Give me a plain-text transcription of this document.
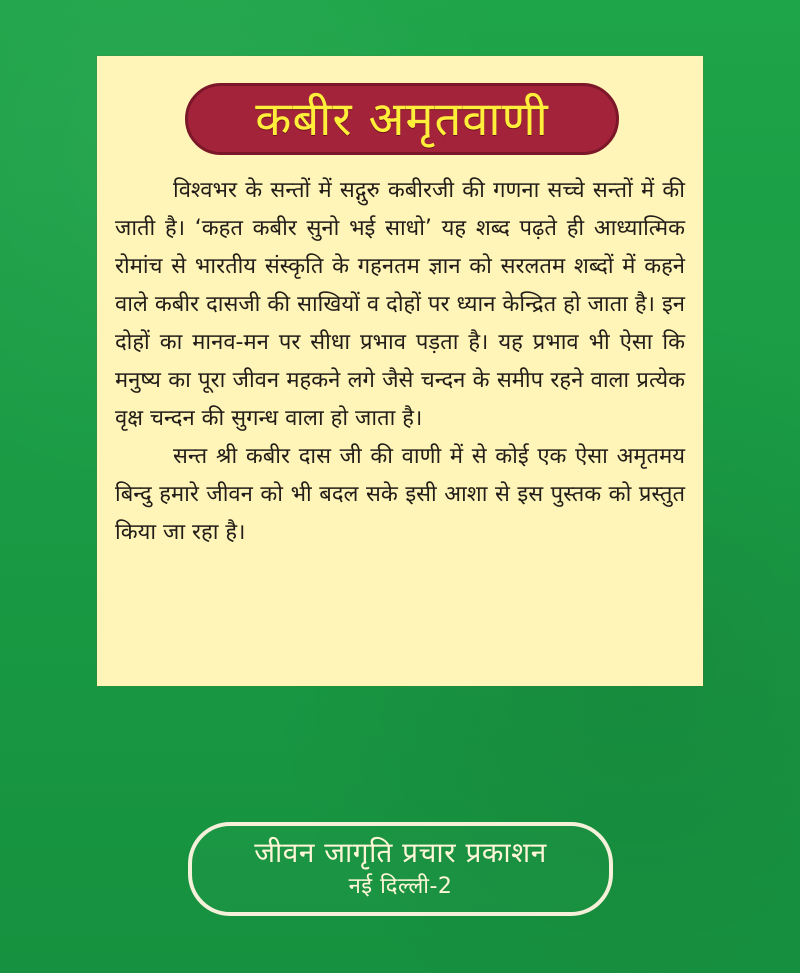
कबीर अमृतवाणी

विश्वभर के सन्तों में सद्गुरु कबीरजी की गणना सच्चे सन्तों में की जाती है। ‘कहत कबीर सुनो भई साधो’ यह शब्द पढ़ते ही आध्यात्मिक रोमांच से भारतीय संस्कृति के गहनतम ज्ञान को सरलतम शब्दों में कहने वाले कबीर दासजी की साखियों व दोहों पर ध्यान केन्द्रित हो जाता है। इन दोहों का मानव-मन पर सीधा प्रभाव पड़ता है। यह प्रभाव भी ऐसा कि मनुष्य का पूरा जीवन महकने लगे जैसे चन्दन के समीप रहने वाला प्रत्येक वृक्ष चन्दन की सुगन्ध वाला हो जाता है।

सन्त श्री कबीर दास जी की वाणी में से कोई एक ऐसा अमृतमय बिन्दु हमारे जीवन को भी बदल सके इसी आशा से इस पुस्तक को प्रस्तुत किया जा रहा है।

जीवन जागृति प्रचार प्रकाशन
नई दिल्ली-2
